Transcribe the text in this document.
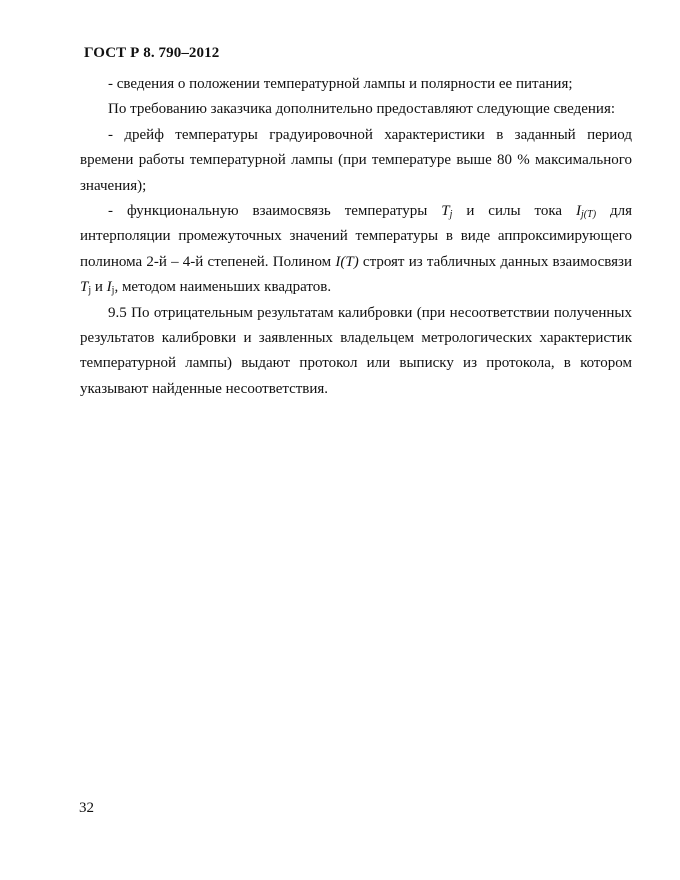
ГОСТ Р 8. 790–2012

- сведения о положении температурной лампы и полярности ее питания;

По требованию заказчика дополнительно предоставляют следующие сведения:

- дрейф температуры градуировочной характеристики в заданный период времени работы температурной лампы (при температуре выше 80 % максимального значения);

- функциональную взаимосвязь температуры $T_j$ и силы тока $I_{j(T)}$ для интерполяции промежуточных значений температуры в виде аппроксимирующего полинома 2-й – 4-й степеней. Полином I(T) строят из табличных данных взаимосвязи $T_j$ и $I_j$, методом наименьших квадратов.

9.5 По отрицательным результатам калибровки (при несоответствии полученных результатов калибровки и заявленных владельцем метрологических характеристик температурной лампы) выдают протокол или выписку из протокола, в котором указывают найденные несоответствия.

32
